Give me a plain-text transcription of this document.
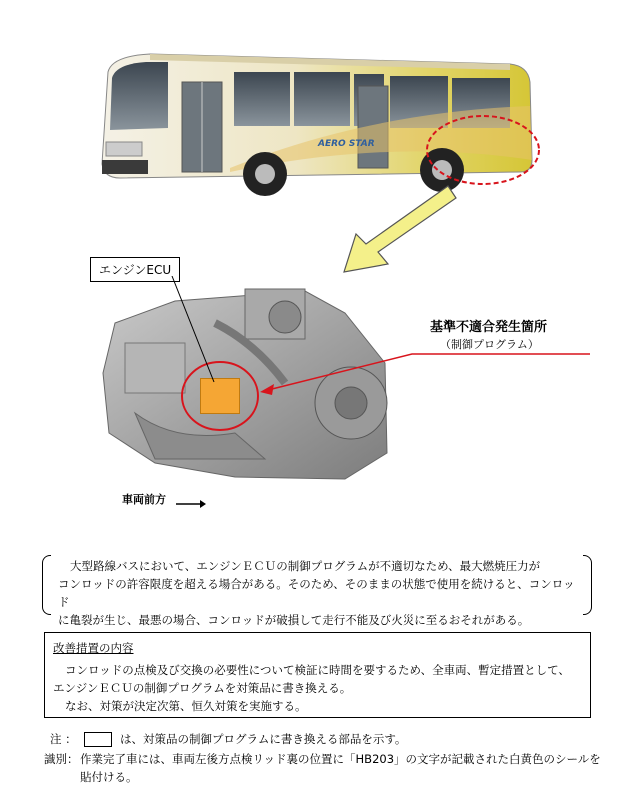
AERO STAR
エンジンECU
基準不適合発生箇所
（制御プログラム）
車両前方
大型路線バスにおいて、エンジンＥＣＵの制御プログラムが不適切なため、最大燃焼圧力が
コンロッドの許容限度を超える場合がある。そのため、そのままの状態で使用を続けると、コンロッド
に亀裂が生じ、最悪の場合、コンロッドが破損して走行不能及び火災に至るおそれがある。
改善措置の内容
コンロッドの点検及び交換の必要性について検証に時間を要するため、全車両、暫定措置として、
エンジンＥＣＵの制御プログラムを対策品に書き換える。
なお、対策が決定次第、恒久対策を実施する。
注 ：	は、対策品の制御プログラムに書き換える部品を示す。
識別： 作業完了車には、車両左後方点検リッド裏の位置に「HB203」の文字が記載された白黄色のシールを
貼付ける。
